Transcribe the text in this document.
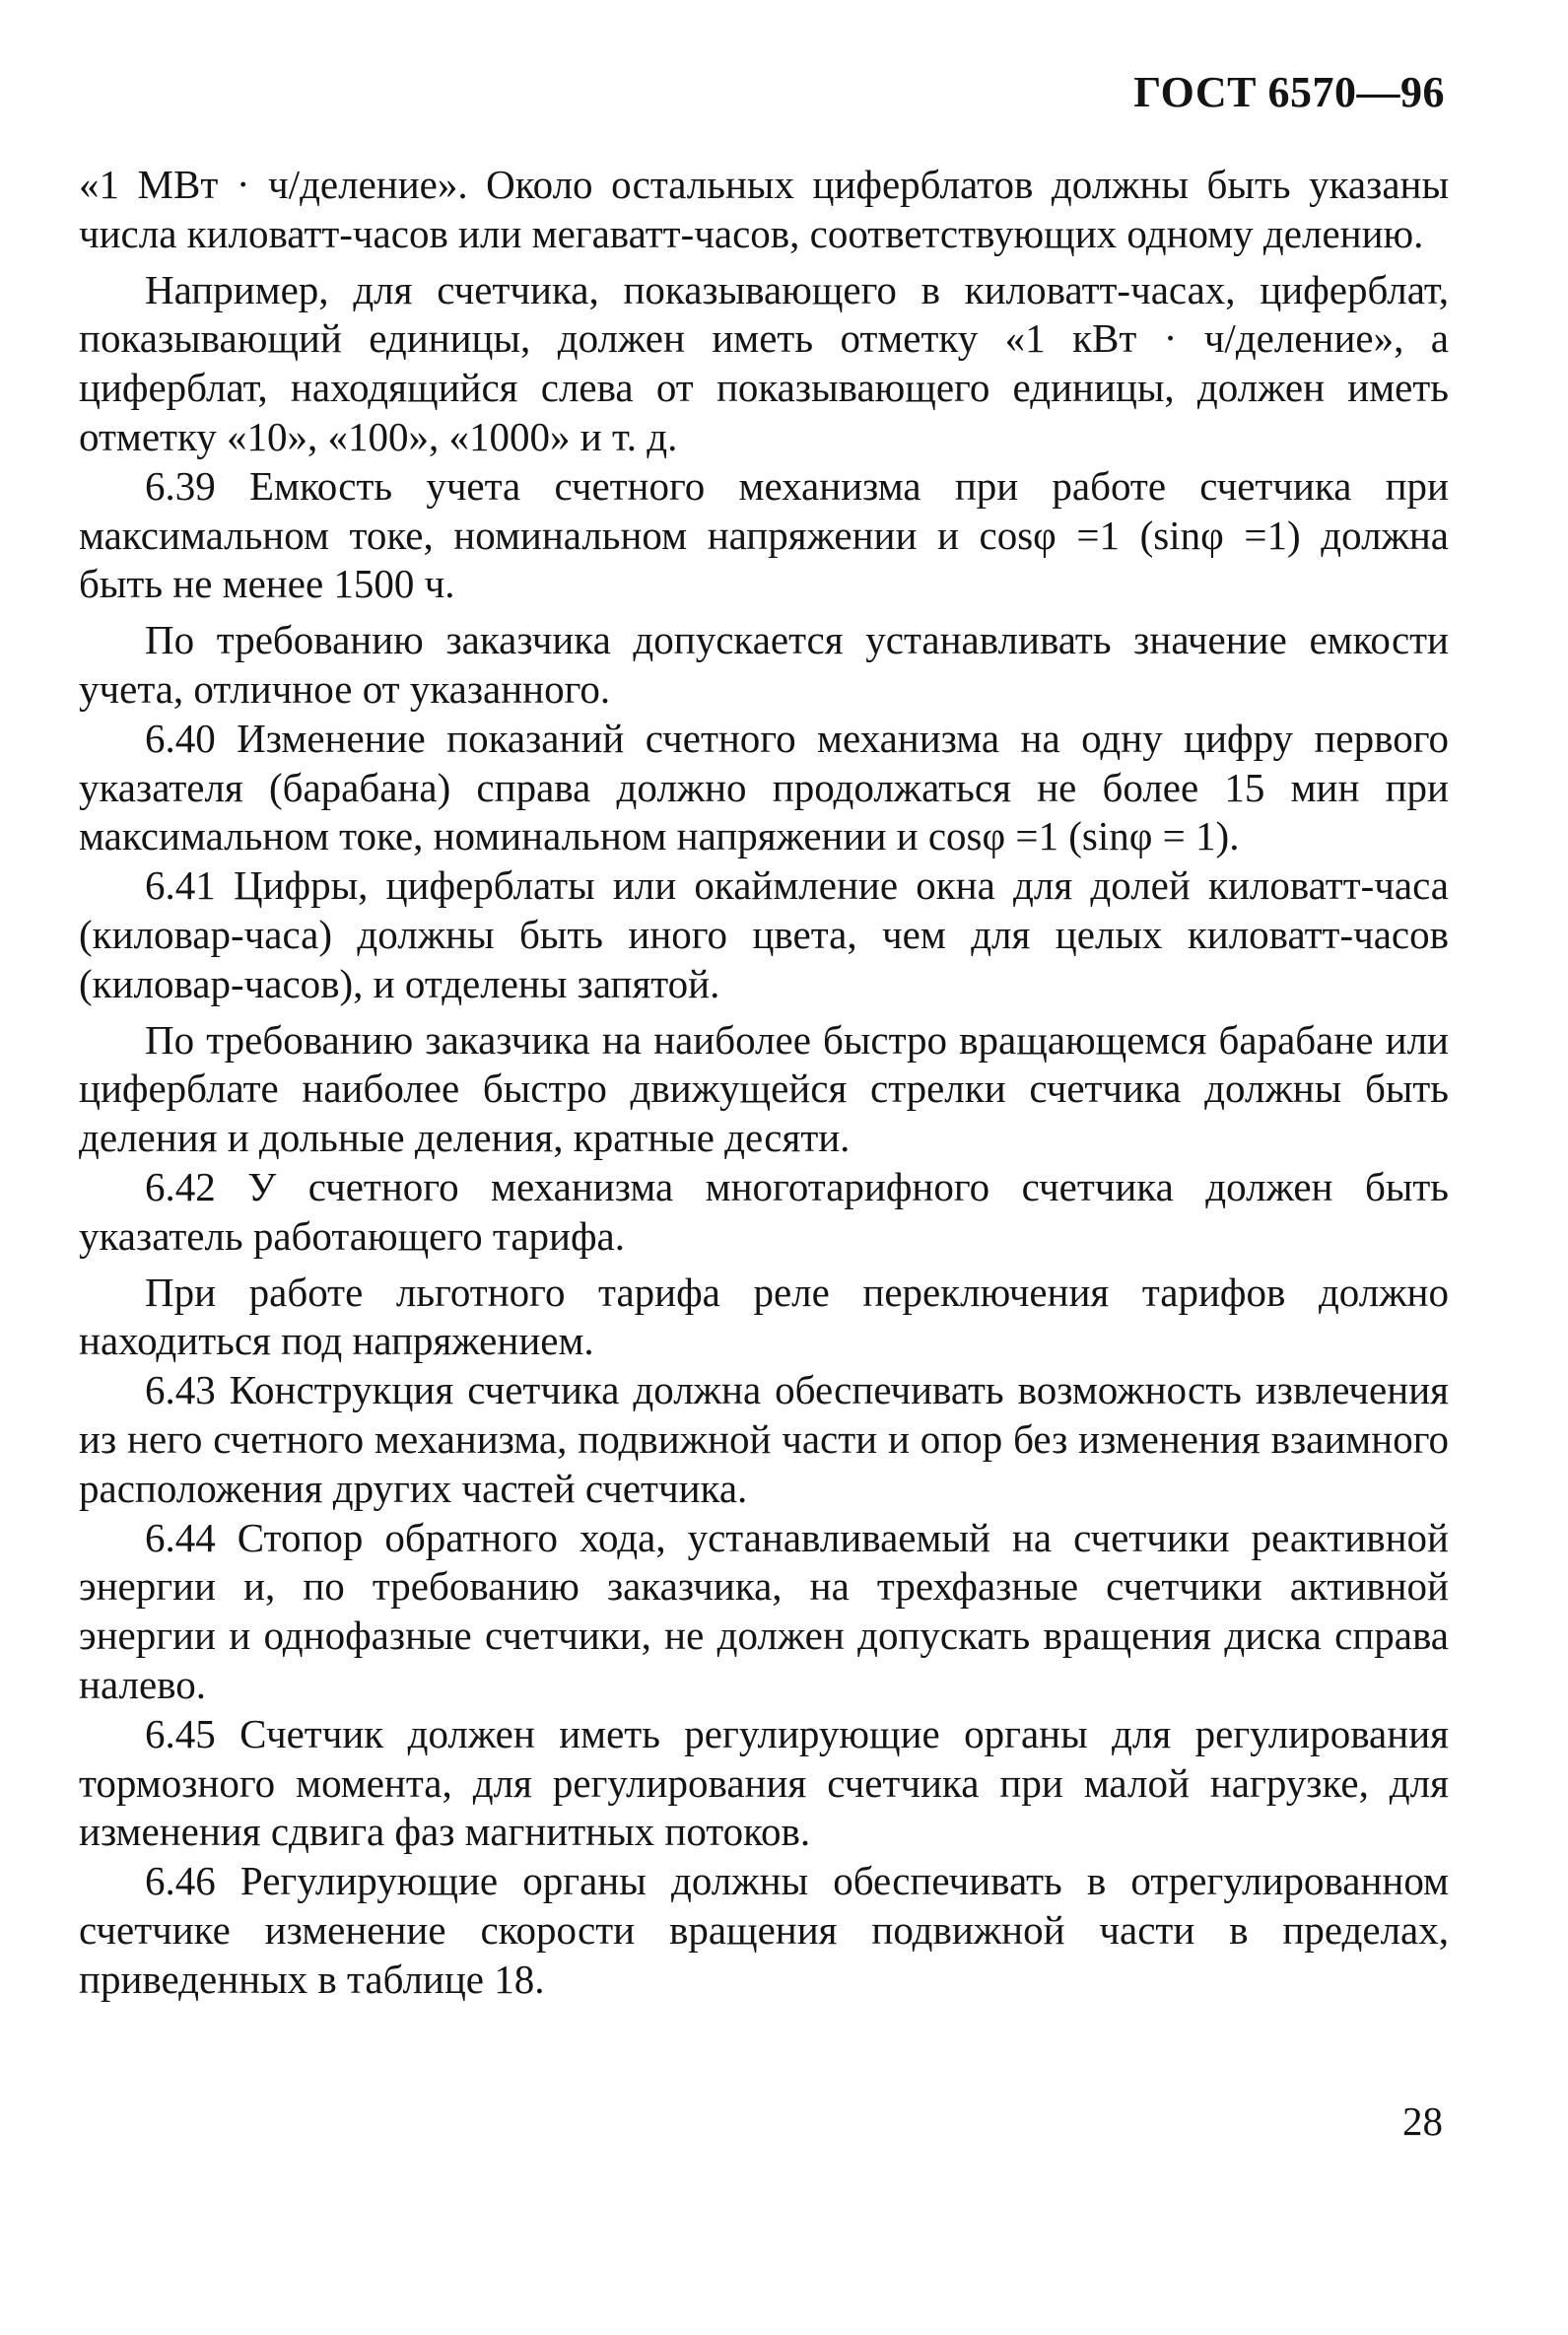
ГОСТ 6570—96

«1 МВт · ч/деление». Около остальных циферблатов должны быть указаны числа киловатт-часов или мегаватт-часов, соответствующих одному делению.

Например, для счетчика, показывающего в киловатт-часах, циферблат, показывающий единицы, должен иметь отметку «1 кВт · ч/деление», а циферблат, находящийся слева от показывающего единицы, должен иметь отметку «10», «100», «1000» и т. д.

6.39 Емкость учета счетного механизма при работе счетчика при максимальном токе, номинальном напряжении и cosφ =1 (sinφ =1) должна быть не менее 1500 ч.

По требованию заказчика допускается устанавливать значение емкости учета, отличное от указанного.

6.40 Изменение показаний счетного механизма на одну цифру первого указателя (барабана) справа должно продолжаться не более 15 мин при максимальном токе, номинальном напряжении и cosφ =1 (sinφ = 1).

6.41 Цифры, циферблаты или окаймление окна для долей киловатт-часа (киловар-часа) должны быть иного цвета, чем для целых киловатт-часов (киловар-часов), и отделены запятой.

По требованию заказчика на наиболее быстро вращающемся барабане или циферблате наиболее быстро движущейся стрелки счетчика должны быть деления и дольные деления, кратные десяти.

6.42 У счетного механизма многотарифного счетчика должен быть указатель работающего тарифа.

При работе льготного тарифа реле переключения тарифов должно находиться под напряжением.

6.43 Конструкция счетчика должна обеспечивать возможность извлечения из него счетного механизма, подвижной части и опор без изменения взаимного расположения других частей счетчика.

6.44 Стопор обратного хода, устанавливаемый на счетчики реактивной энергии и, по требованию заказчика, на трехфазные счетчики активной энергии и однофазные счетчики, не должен допускать вращения диска справа налево.

6.45 Счетчик должен иметь регулирующие органы для регулирования тормозного момента, для регулирования счетчика при малой нагрузке, для изменения сдвига фаз магнитных потоков.

6.46 Регулирующие органы должны обеспечивать в отрегулированном счетчике изменение скорости вращения подвижной части в пределах, приведенных в таблице 18.

28
